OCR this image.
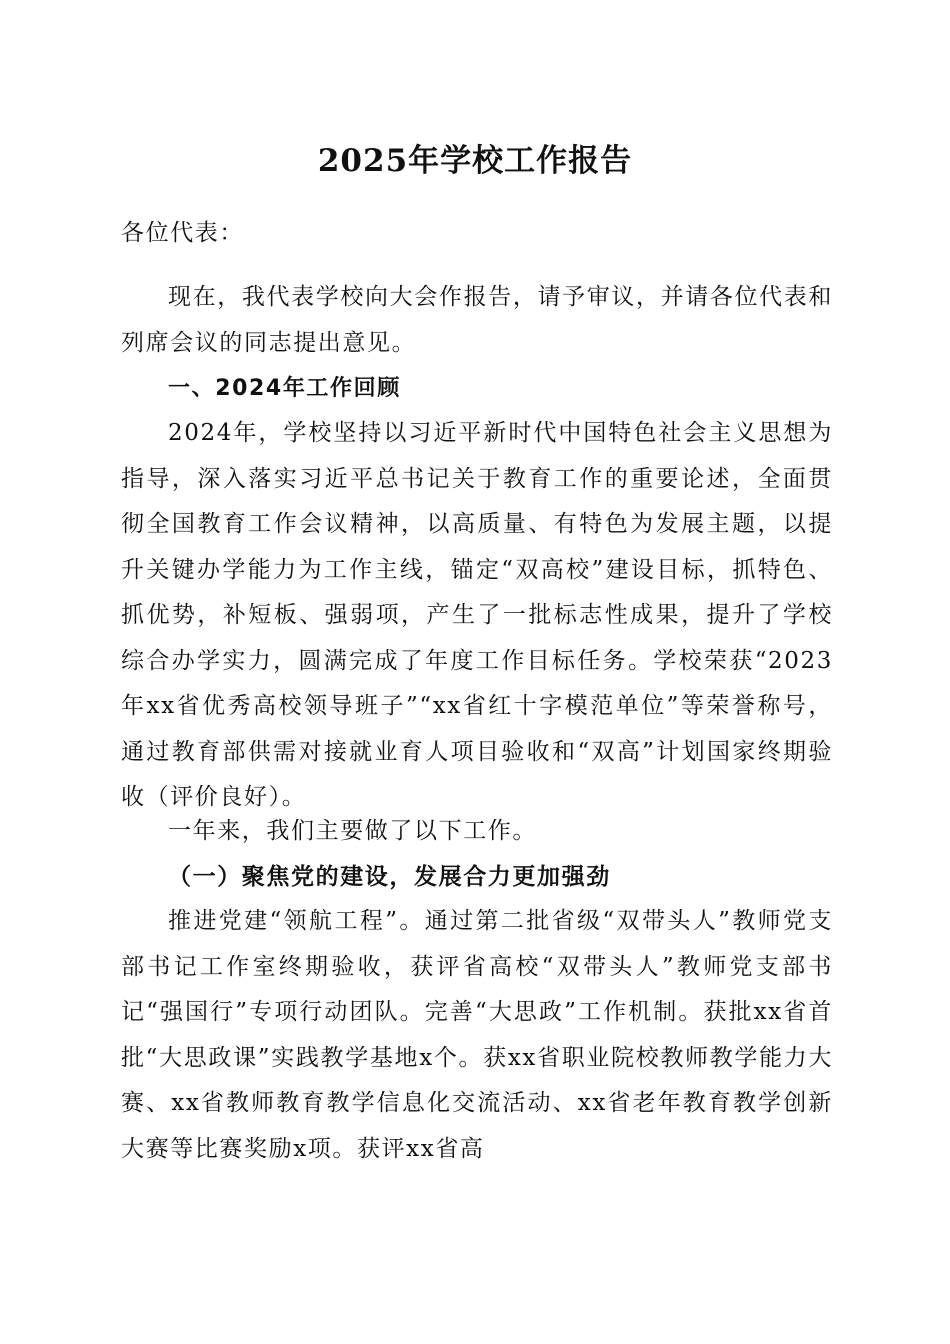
2025年学校工作报告

各位代表：

现在，我代表学校向大会作报告，请予审议，并请各位代表和列席会议的同志提出意见。

一、2024年工作回顾

2024年，学校坚持以习近平新时代中国特色社会主义思想为指导，深入落实习近平总书记关于教育工作的重要论述，全面贯彻全国教育工作会议精神，以高质量、有特色为发展主题，以提升关键办学能力为工作主线，锚定“双高校”建设目标，抓特色、抓优势，补短板、强弱项，产生了一批标志性成果，提升了学校综合办学实力，圆满完成了年度工作目标任务。学校荣获“2023年xx省优秀高校领导班子”“xx省红十字模范单位”等荣誉称号，通过教育部供需对接就业育人项目验收和“双高”计划国家终期验收（评价良好）。

一年来，我们主要做了以下工作。

（一）聚焦党的建设，发展合力更加强劲

推进党建“领航工程”。通过第二批省级“双带头人”教师党支部书记工作室终期验收，获评省高校“双带头人”教师党支部书记“强国行”专项行动团队。完善“大思政”工作机制。获批xx省首批“大思政课”实践教学基地x个。获xx省职业院校教师教学能力大赛、xx省教师教育教学信息化交流活动、xx省老年教育教学创新大赛等比赛奖励x项。获评xx省高
